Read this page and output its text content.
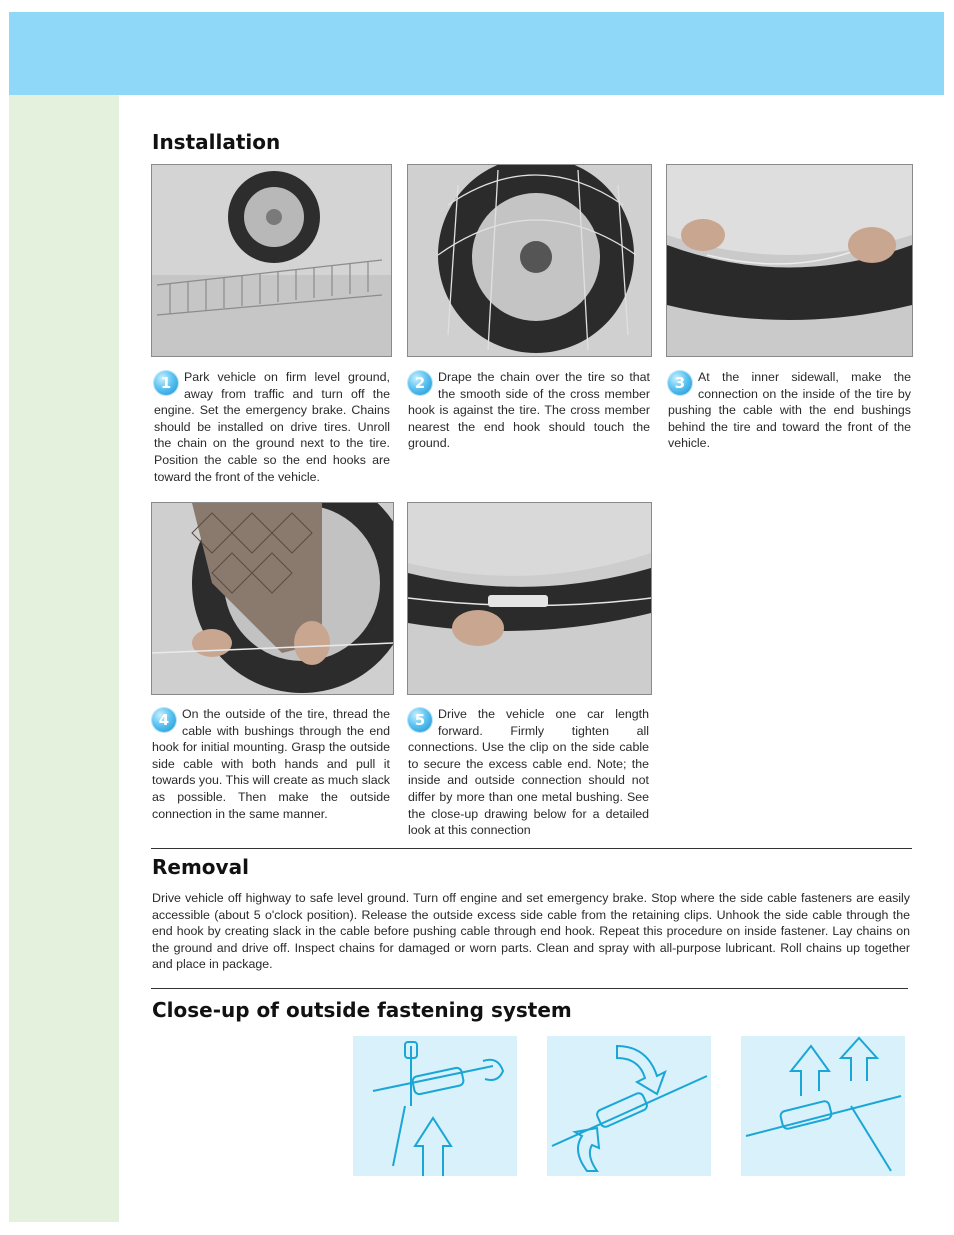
Installation
1	Park vehicle on firm level ground, away from traffic and turn off the engine. Set the emergency brake. Chains should be installed on drive tires. Unroll the chain on the ground next to the tire. Position the cable so the end hooks are toward the front of the vehicle.
2	Drape the chain over the tire so that the smooth side of the cross member hook is against the tire. The cross member nearest the end hook should touch the ground.
3	At the inner sidewall, make the connection on the inside of the tire by pushing the cable with the end bushings behind the tire and toward the front of the vehicle.
4	On the outside of the tire, thread the cable with bushings through the end hook for initial mounting. Grasp the outside side cable with both hands and pull it towards you. This will create as much slack as possible. Then make the outside connection in the same manner.
5	Drive the vehicle one car length forward. Firmly tighten all connections. Use the clip on the side cable to secure the excess cable end. Note; the inside and outside connection should not differ by more than one metal bushing. See the close-up drawing below for a detailed look at this connection
Removal
Drive vehicle off highway to safe level ground. Turn off engine and set emergency brake. Stop where the side cable fasteners are easily accessible (about 5 o'clock position). Release the outside excess side cable from the retaining clips. Unhook the side cable through the end hook by creating slack in the cable before pushing cable through end hook. Repeat this procedure on inside fastener. Lay chains on the ground and drive off. Inspect chains for damaged or worn parts. Clean and spray with all-purpose lubricant. Roll chains up together and place in package.
Close-up of outside fastening system
